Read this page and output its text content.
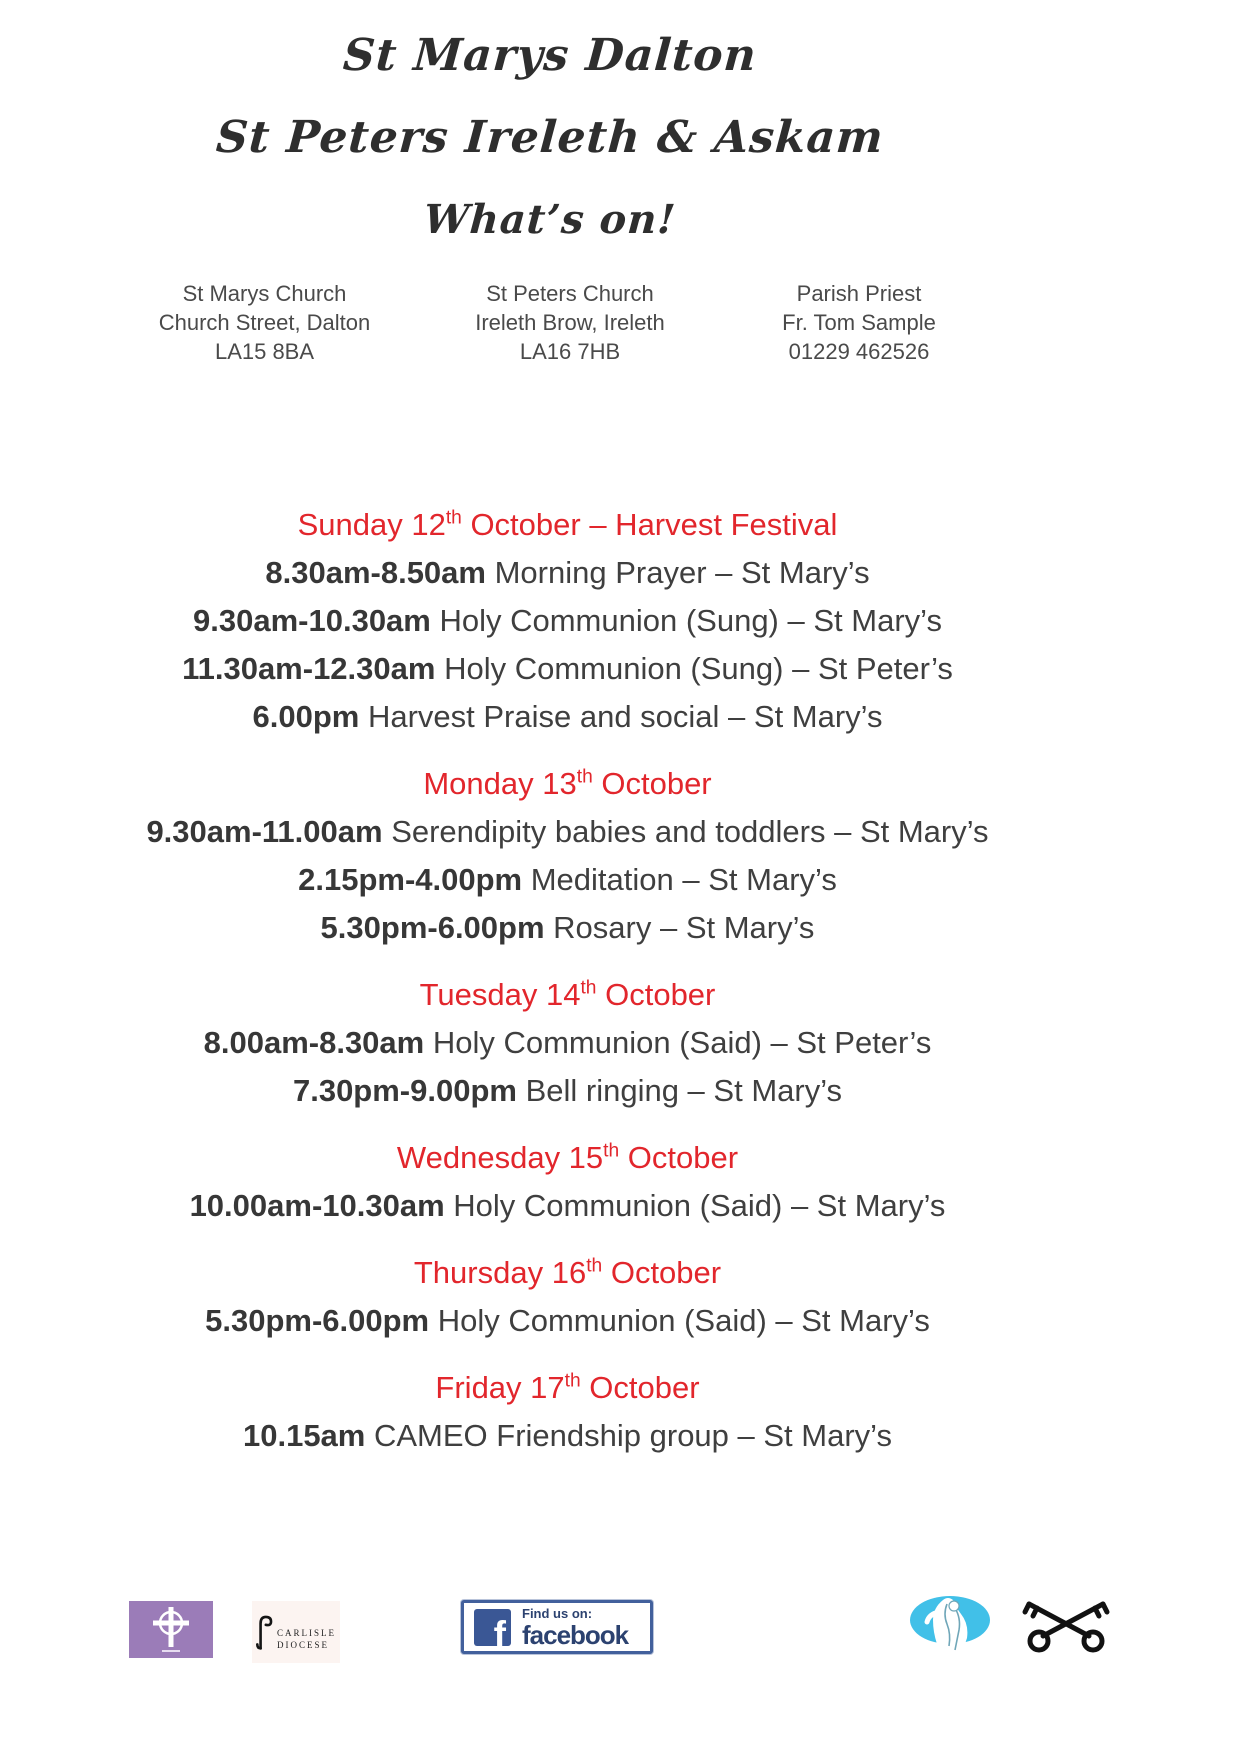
St Marys Dalton
St Peters Ireleth & Askam
What’s on!
St Marys Church
Church Street, Dalton
LA15 8BA
St Peters Church
Ireleth Brow, Ireleth
LA16 7HB
Parish Priest
Fr. Tom Sample
01229 462526
Sunday 12th October – Harvest Festival
8.30am-8.50am Morning Prayer – St Mary’s
9.30am-10.30am Holy Communion (Sung) – St Mary’s
11.30am-12.30am Holy Communion (Sung) – St Peter’s
6.00pm Harvest Praise and social – St Mary’s
Monday 13th October
9.30am-11.00am Serendipity babies and toddlers – St Mary’s
2.15pm-4.00pm Meditation – St Mary’s
5.30pm-6.00pm Rosary – St Mary’s
Tuesday 14th October
8.00am-8.30am Holy Communion (Said) – St Peter’s
7.30pm-9.00pm Bell ringing – St Mary’s
Wednesday 15th October
10.00am-10.30am Holy Communion (Said) – St Mary’s
Thursday 16th October
5.30pm-6.00pm Holy Communion (Said) – St Mary’s
Friday 17th October
10.15am CAMEO Friendship group – St Mary’s
CARLISLE
DIOCESE	f
Find us on:
facebook
